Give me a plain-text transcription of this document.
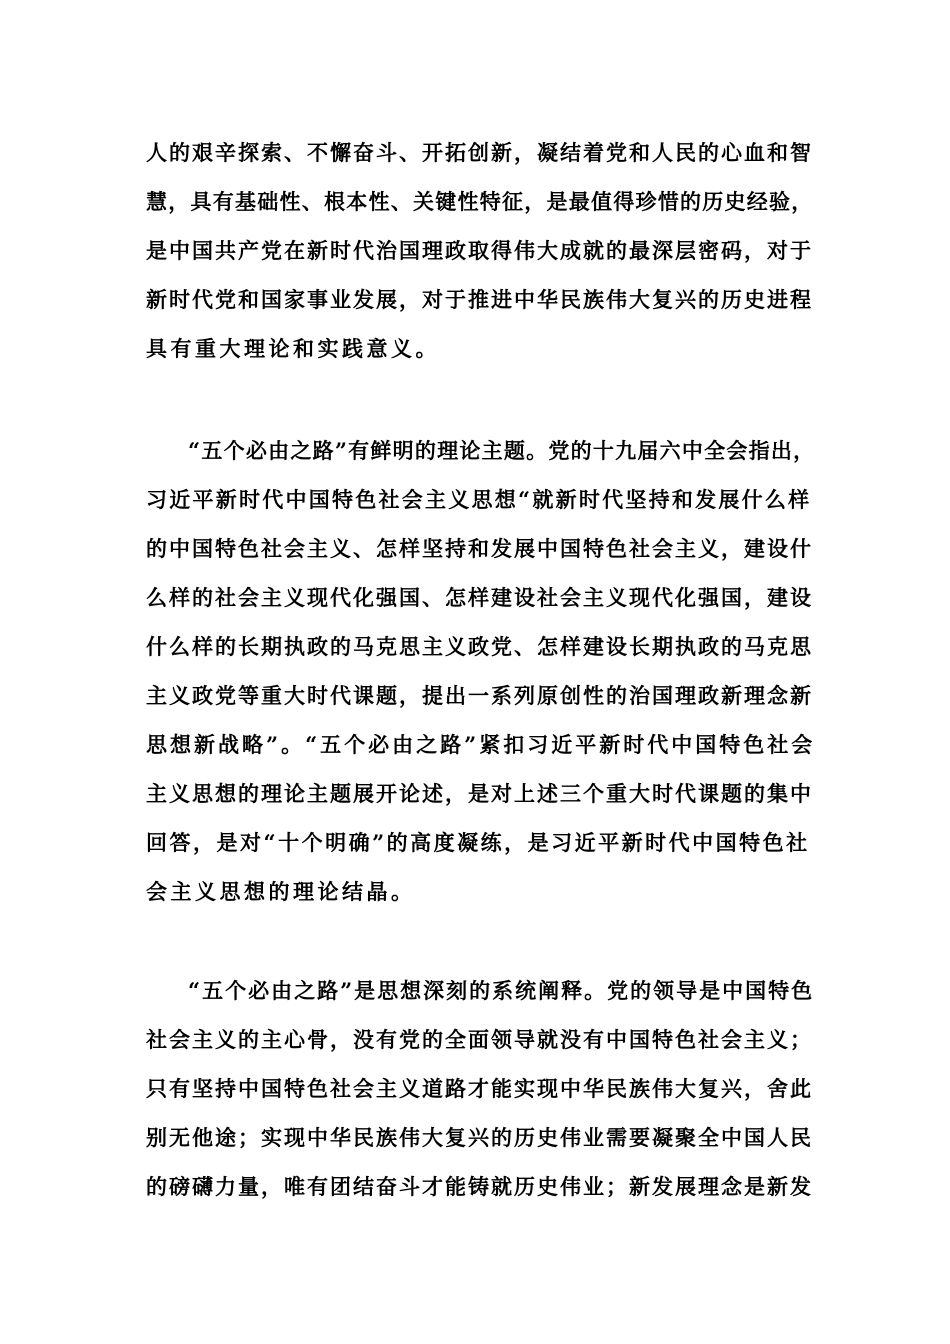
人的艰辛探索、不懈奋斗、开拓创新，凝结着党和人民的心血和智
慧，具有基础性、根本性、关键性特征，是最值得珍惜的历史经验，
是中国共产党在新时代治国理政取得伟大成就的最深层密码，对于
新时代党和国家事业发展，对于推进中华民族伟大复兴的历史进程
具有重大理论和实践意义。
“五个必由之路”有鲜明的理论主题。党的十九届六中全会指出，
习近平新时代中国特色社会主义思想“就新时代坚持和发展什么样
的中国特色社会主义、怎样坚持和发展中国特色社会主义，建设什
么样的社会主义现代化强国、怎样建设社会主义现代化强国，建设
什么样的长期执政的马克思主义政党、怎样建设长期执政的马克思
主义政党等重大时代课题，提出一系列原创性的治国理政新理念新
思想新战略”。“五个必由之路”紧扣习近平新时代中国特色社会
主义思想的理论主题展开论述，是对上述三个重大时代课题的集中
回答，是对“十个明确”的高度凝练，是习近平新时代中国特色社
会主义思想的理论结晶。
“五个必由之路”是思想深刻的系统阐释。党的领导是中国特色
社会主义的主心骨，没有党的全面领导就没有中国特色社会主义；
只有坚持中国特色社会主义道路才能实现中华民族伟大复兴，舍此
别无他途；实现中华民族伟大复兴的历史伟业需要凝聚全中国人民
的磅礴力量，唯有团结奋斗才能铸就历史伟业；新发展理念是新发
